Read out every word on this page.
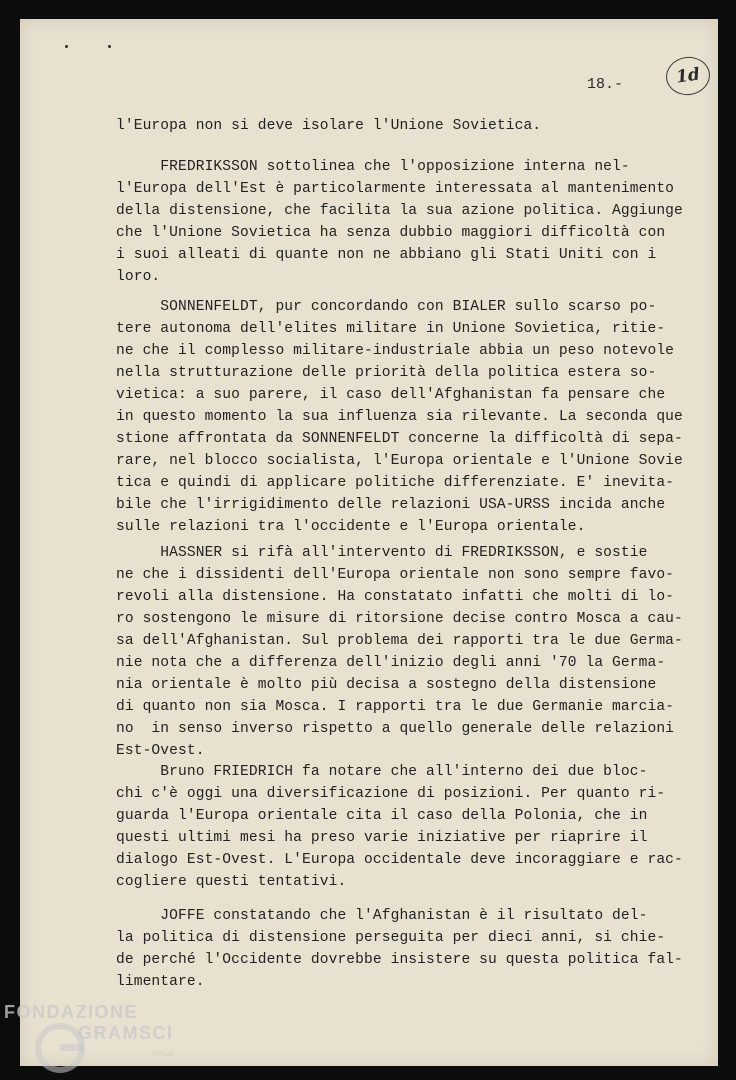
1d
18.-
l'Europa non si deve isolare l'Unione Sovietica.
FREDRIKSSON sottolinea che l'opposizione interna nel-
l'Europa dell'Est è particolarmente interessata al mantenimento
della distensione, che facilita la sua azione politica. Aggiunge
che l'Unione Sovietica ha senza dubbio maggiori difficoltà con
i suoi alleati di quante non ne abbiano gli Stati Uniti con i
loro.
SONNENFELDT, pur concordando con BIALER sullo scarso po-
tere autonoma dell'elites militare in Unione Sovietica, ritie-
ne che il complesso militare-industriale abbia un peso notevole
nella strutturazione delle priorità della politica estera so-
vietica: a suo parere, il caso dell'Afghanistan fa pensare che
in questo momento la sua influenza sia rilevante. La seconda que
stione affrontata da SONNENFELDT concerne la difficoltà di sepa-
rare, nel blocco socialista, l'Europa orientale e l'Unione Sovie
tica e quindi di applicare politiche differenziate. E' inevita-
bile che l'irrigidimento delle relazioni USA-URSS incida anche
sulle relazioni tra l'occidente e l'Europa orientale.
HASSNER si rifà all'intervento di FREDRIKSSON, e sostie
ne che i dissidenti dell'Europa orientale non sono sempre favo-
revoli alla distensione. Ha constatato infatti che molti di lo-
ro sostengono le misure di ritorsione decise contro Mosca a cau-
sa dell'Afghanistan. Sul problema dei rapporti tra le due Germa-
nie nota che a differenza dell'inizio degli anni '70 la Germa-
nia orientale è molto più decisa a sostegno della distensione
di quanto non sia Mosca. I rapporti tra le due Germanie marciа-
no  in senso inverso rispetto a quello generale delle relazioni
Est-Ovest.
Bruno FRIEDRICH fa notare che all'interno dei due bloc-
chi c'è oggi una diversificazione di posizioni. Per quanto ri-
guarda l'Europa orientale cita il caso della Polonia, che in
questi ultimi mesi ha preso varie iniziative per riaprire il
dialogo Est-Ovest. L'Europa occidentale deve incoraggiare e rac-
cogliere questi tentativi.
JOFFE constatando che l'Afghanistan è il risultato del-
la politica di distensione perseguita per dieci anni, si chie-
de perché l'Occidente dovrebbe insistere su questa politica fal-
limentare.
FONDAZIONE
GRAMSCI
onlus
